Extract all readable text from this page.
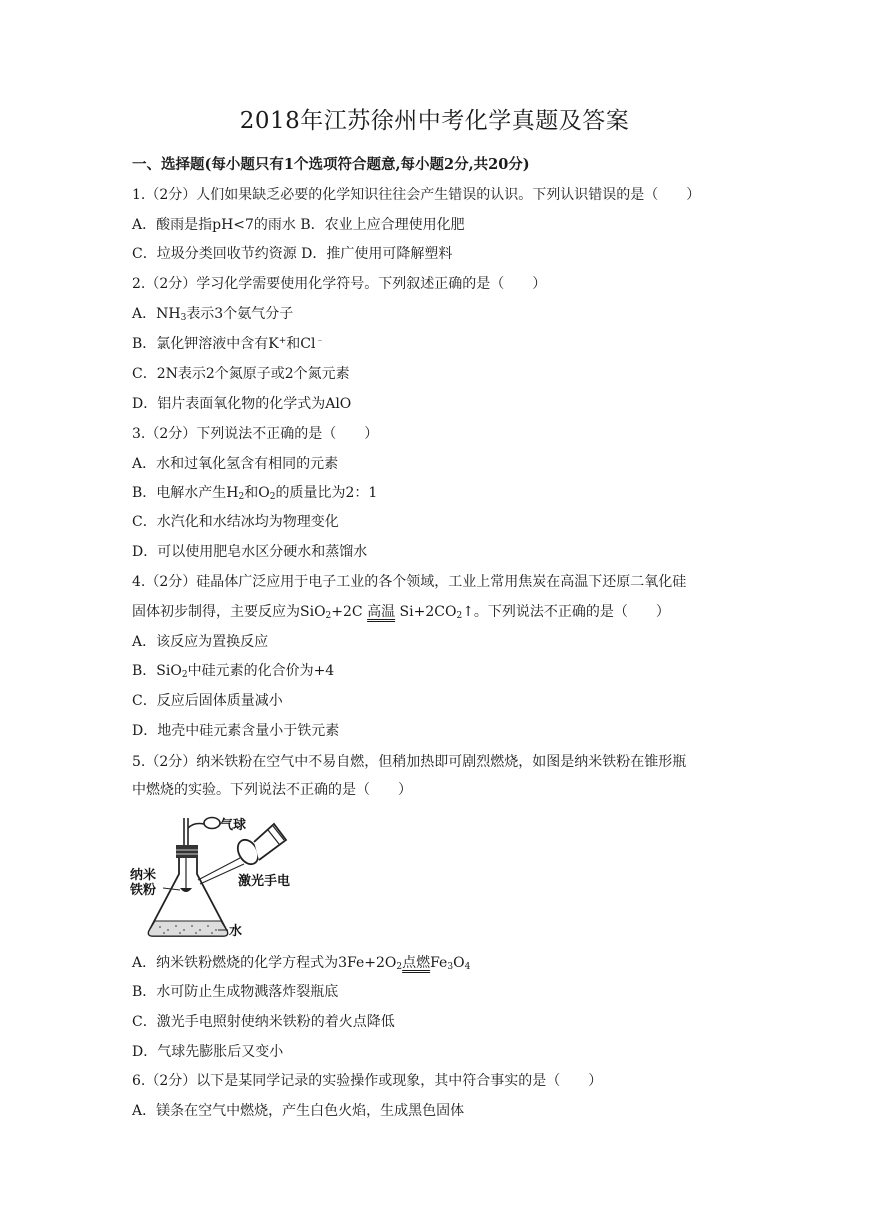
2018年江苏徐州中考化学真题及答案
一、选择题(每小题只有1个选项符合题意,每小题2分,共20分)
1.（2分）人们如果缺乏必要的化学知识往往会产生错误的认识。下列认识错误的是（　　）
A．酸雨是指pH<7的雨水 B．农业上应合理使用化肥
C．垃圾分类回收节约资源 D．推广使用可降解塑料
2.（2分）学习化学需要使用化学符号。下列叙述正确的是（　　）
A．$NH_3$表示3个氨气分子
B．氯化钾溶液中含有K+和Cl﹣
C．2N表示2个氮原子或2个氮元素
D．铝片表面氧化物的化学式为AlO
3.（2分）下列说法不正确的是（　　）
A．水和过氧化氢含有相同的元素
B．电解水产生$H_2$和$O_2$的质量比为2：1
C．水汽化和水结冰均为物理变化
D．可以使用肥皂水区分硬水和蒸馏水
4.（2分）硅晶体广泛应用于电子工业的各个领域，工业上常用焦炭在高温下还原二氧化硅
固体初步制得，主要反应为SiO$_2$+2C 高温 $Si+2CO_2↑$。下列说法不正确的是（　　）
A．该反应为置换反应
B．SiO$_2$中硅元素的化合价为+4
C．反应后固体质量减小
D．地壳中硅元素含量小于铁元素
5.（2分）纳米铁粉在空气中不易自燃，但稍加热即可剧烈燃烧，如图是纳米铁粉在锥形瓶
中燃烧的实验。下列说法不正确的是（　　）
气球
激光手电
纳米
铁粉
水
A．纳米铁粉燃烧的化学方程式为$3Fe+2O_2$点燃$Fe_3O_4$
B．水可防止生成物溅落炸裂瓶底
C．激光手电照射使纳米铁粉的着火点降低
D．气球先膨胀后又变小
6.（2分）以下是某同学记录的实验操作或现象，其中符合事实的是（　　）
A．镁条在空气中燃烧，产生白色火焰，生成黑色固体
